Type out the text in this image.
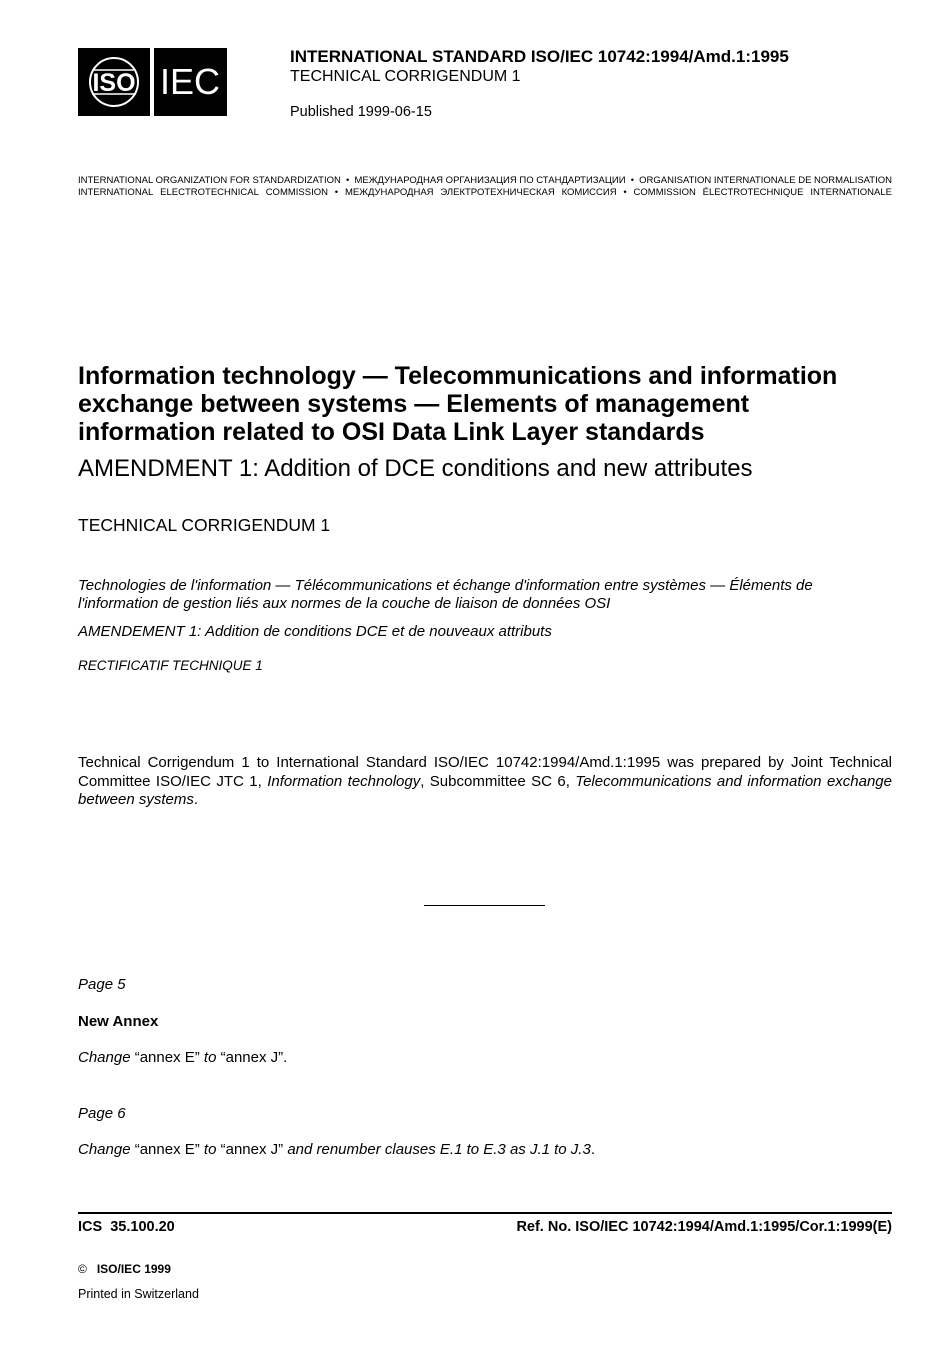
ISO IEC
INTERNATIONAL STANDARD ISO/IEC 10742:1994/Amd.1:1995
TECHNICAL CORRIGENDUM 1
Published 1999-06-15
INTERNATIONAL ORGANIZATION FOR STANDARDIZATION • МЕЖДУНАРОДНАЯ ОРГАНИЗАЦИЯ ПО СТАНДАРТИЗАЦИИ • ORGANISATION INTERNATIONALE DE NORMALISATION
INTERNATIONAL ELECTROTECHNICAL COMMISSION • МЕЖДУНАРОДНАЯ ЭЛЕКТРОТЕХНИЧЕСКАЯ КОМИССИЯ • COMMISSION ÉLECTROTECHNIQUE INTERNATIONALE
Information technology — Telecommunications and information
exchange between systems — Elements of management
information related to OSI Data Link Layer standards
AMENDMENT 1: Addition of DCE conditions and new attributes
TECHNICAL CORRIGENDUM 1
Technologies de l'information — Télécommunications et échange d'information entre systèmes — Éléments de
l'information de gestion liés aux normes de la couche de liaison de données OSI
AMENDEMENT 1: Addition de conditions DCE et de nouveaux attributs
RECTIFICATIF TECHNIQUE 1
Technical Corrigendum 1 to International Standard ISO/IEC 10742:1994/Amd.1:1995 was prepared by Joint Technical Committee ISO/IEC JTC 1, Information technology, Subcommittee SC 6, Telecommunications and information exchange between systems.
Page 5
New Annex
Change “annex E” to “annex J”.
Page 6
Change “annex E” to “annex J” and renumber clauses E.1 to E.3 as J.1 to J.3.
ICS  35.100.20	Ref. No. ISO/IEC 10742:1994/Amd.1:1995/Cor.1:1999(E)
© ISO/IEC 1999
Printed in Switzerland
